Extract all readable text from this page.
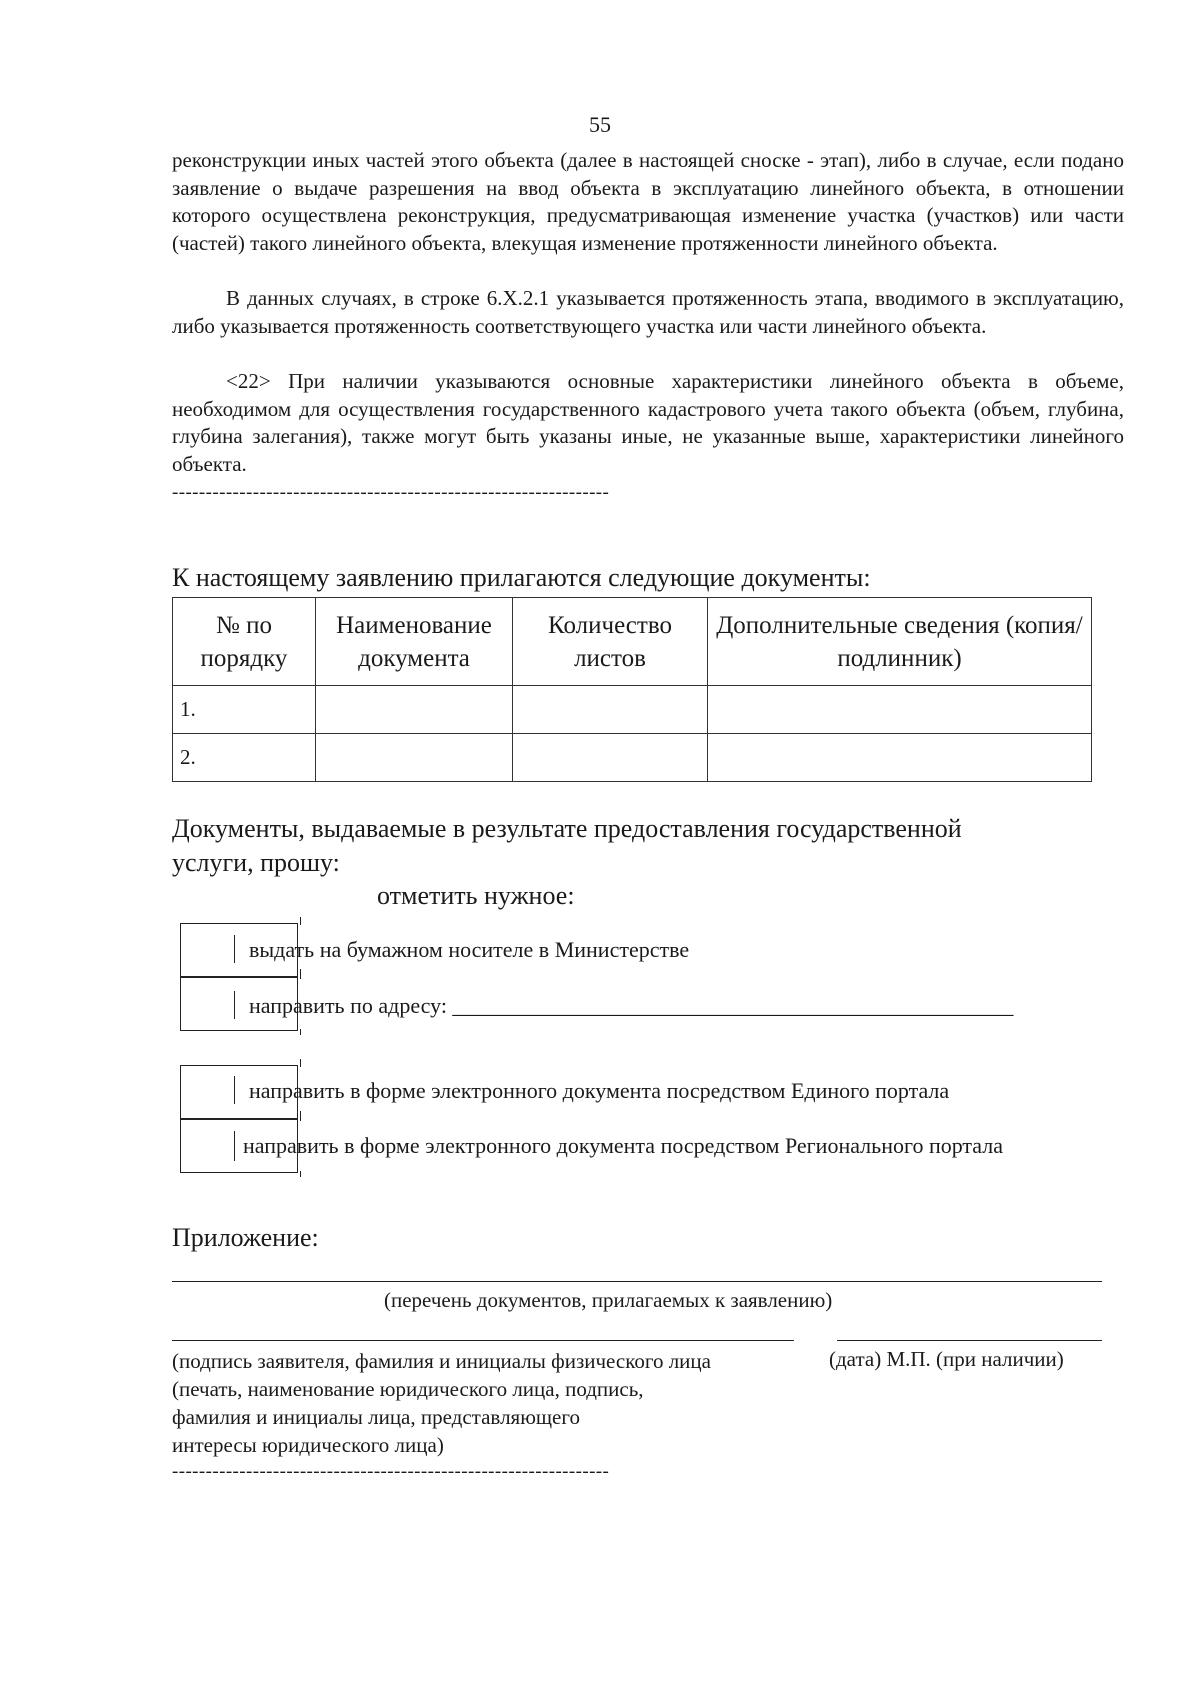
55
реконструкции иных частей этого объекта (далее в настоящей сноске - этап), либо в случае, если подано заявление о выдаче разрешения на ввод объекта в эксплуатацию линейного объекта, в отношении которого осуществлена реконструкция, предусматривающая изменение участка (участков) или части (частей) такого линейного объекта, влекущая изменение протяженности линейного объекта.
В данных случаях, в строке 6.X.2.1 указывается протяженность этапа, вводимого в эксплуатацию, либо указывается протяженность соответствующего участка или части линейного объекта.
<22> При наличии указываются основные характеристики линейного объекта в объеме, необходимом для осуществления государственного кадастрового учета такого объекта (объем, глубина, глубина залегания), также могут быть указаны иные, не указанные выше, характеристики линейного объекта.
-----------------------------------------------------------------
К настоящему заявлению прилагаются следующие документы:
№ по порядку	Наименование документа	Количество листов	Дополнительные сведения (копия/подлинник)
1.			
2.			
Документы, выдаваемые в результате предоставления государственной
услуги, прошу:
отметить нужное:
выдать на бумажном носителе в Министерстве
направить по адресу: ___________________________________________________
направить в форме электронного документа посредством Единого портала
направить в форме электронного документа посредством Регионального портала
Приложение:
(перечень документов, прилагаемых к заявлению)
(подпись заявителя, фамилия и инициалы физического лица
(печать, наименование юридического лица, подпись,
фамилия и инициалы лица, представляющего
интересы юридического лица)
(дата) М.П. (при наличии)
-----------------------------------------------------------------
